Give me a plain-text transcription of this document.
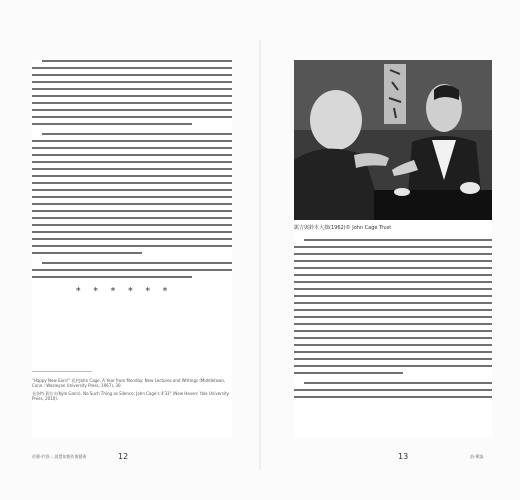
* * * * * *
"Happy New Ears!" 見於John Cage, A Year from Monday: New Lectures and Writings (Middletown, Conn.: Wesleyan University Press, 1967), 30.
見奈特·葛拉夫(Kyle Gann), No Such Thing as Silence: John Cage's 4'33" (New Haven: Yale University Press, 2010).
於靜·於寫·…從覺知創作與藝術	12
凱吉與鈴木大拙(1962)© John Cage Trust
13	前·禪論
